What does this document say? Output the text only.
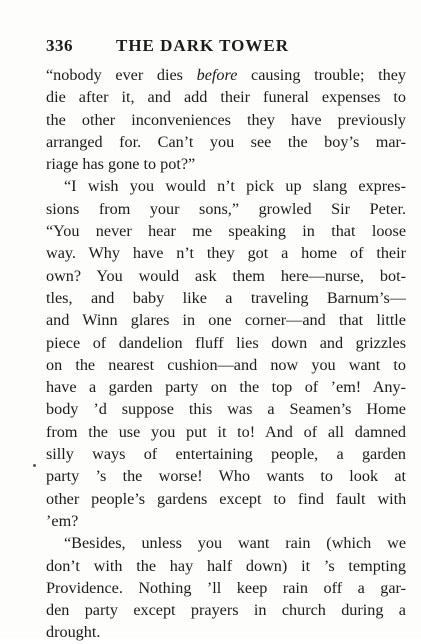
336	THE DARK TOWER
“nobody ever dies before causing trouble; they
die after it, and add their funeral expenses to
the other inconveniences they have previously
arranged for. Can’t you see the boy’s mar-
riage has gone to pot?”
“I wish you would n’t pick up slang expres-
sions from your sons,” growled Sir Peter.
“You never hear me speaking in that loose
way. Why have n’t they got a home of their
own? You would ask them here—nurse, bot-
tles, and baby like a traveling Barnum’s—
and Winn glares in one corner—and that little
piece of dandelion fluff lies down and grizzles
on the nearest cushion—and now you want to
have a garden party on the top of ’em! Any-
body ’d suppose this was a Seamen’s Home
from the use you put it to! And of all damned
silly ways of entertaining people, a garden
party ’s the worse! Who wants to look at
other people’s gardens except to find fault with
’em?
“Besides, unless you want rain (which we
don’t with the hay half down) it ’s tempting
Providence. Nothing ’ll keep rain off a gar-
den party except prayers in church during a
drought.
